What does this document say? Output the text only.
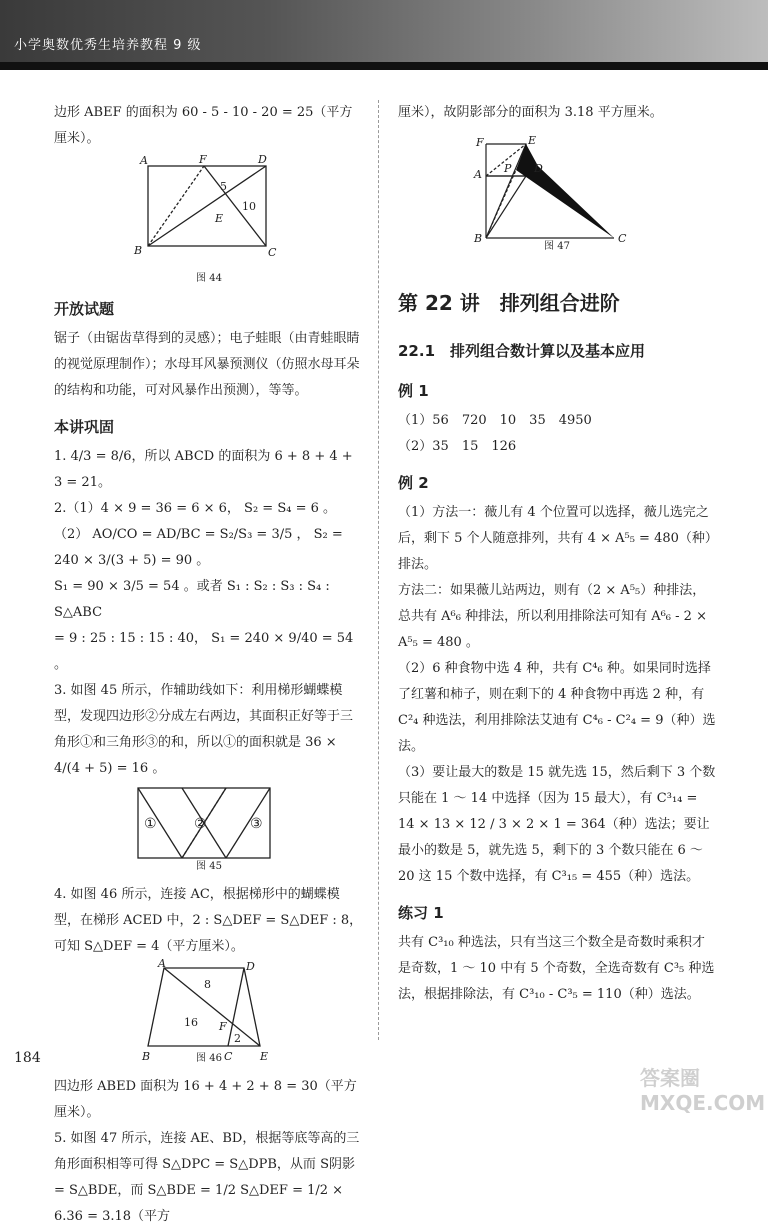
小学奥数优秀生培养教程 9 级

边形 ABEF 的面积为 60 - 5 - 10 - 20 = 25（平方厘米）。

A	F	D
B	C
E
5
10

图 44

开放试题

锯子（由锯齿草得到的灵感）；电子蛙眼（由青蛙眼睛的视觉原理制作）；水母耳风暴预测仪（仿照水母耳朵的结构和功能，可对风暴作出预测），等等。

本讲巩固

1. 4/3 = 8/6，所以 ABCD 的面积为 6 + 8 + 4 + 3 = 21。

2.（1）4 × 9 = 36 = 6 × 6， S₂ = S₄ = 6 。

（2） AO/CO = AD/BC = S₂/S₃ = 3/5 ， S₂ = 240 × 3/(3 + 5) = 90 。

S₁ = 90 × 3/5 = 54 。或者 S₁ : S₂ : S₃ : S₄ : S△ABC

= 9 : 25 : 15 : 15 : 40， S₁ = 240 × 9/40 = 54 。

3. 如图 45 所示，作辅助线如下：利用梯形蝴蝶模型，发现四边形②分成左右两边，其面积正好等于三角形①和三角形③的和，所以①的面积就是 36 × 4/(4 + 5) = 16 。

①	②	③

图 45

4. 如图 46 所示，连接 AC，根据梯形中的蝴蝶模型，在梯形 ACED 中，2 : S△DEF = S△DEF : 8，可知 S△DEF = 4（平方厘米）。

A	D
B	C	E
F
8
16
2

图 46

四边形 ABED 面积为 16 + 4 + 2 + 8 = 30（平方厘米）。

5. 如图 47 所示，连接 AE、BD，根据等底等高的三角形面积相等可得 S△DPC = S△DPB，从而 S阴影 = S△BDE，而 S△BDE = 1/2 S△DEF = 1/2 × 6.36 = 3.18（平方

厘米），故阴影部分的面积为 3.18 平方厘米。

F	E
A P D
B	C

图 47

第 22 讲　排列组合进阶

22.1　排列组合数计算以及基本应用

例 1

（1）56　720　10　35　4950

（2）35　15　126

例 2

（1）方法一：薇儿有 4 个位置可以选择，薇儿选完之后，剩下 5 个人随意排列，共有 4 × A⁵₅ = 480（种）排法。

方法二：如果薇儿站两边，则有（2 × A⁵₅）种排法，总共有 A⁶₆ 种排法，所以利用排除法可知有 A⁶₆ - 2 × A⁵₅ = 480 。

（2）6 种食物中选 4 种，共有 C⁴₆ 种。如果同时选择了红薯和柿子，则在剩下的 4 种食物中再选 2 种，有 C²₄ 种选法，利用排除法艾迪有 C⁴₆ - C²₄ = 9（种）选法。

（3）要让最大的数是 15 就先选 15，然后剩下 3 个数只能在 1 ～ 14 中选择（因为 15 最大），有 C³₁₄ = 14 × 13 × 12 / 3 × 2 × 1 = 364（种）选法；要让最小的数是 5，就先选 5，剩下的 3 个数只能在 6 ～ 20 这 15 个数中选择，有 C³₁₅ = 455（种）选法。

练习 1

共有 C³₁₀ 种选法，只有当这三个数全是奇数时乘积才是奇数，1 ～ 10 中有 5 个奇数，全选奇数有 C³₅ 种选法，根据排除法，有 C³₁₀ - C³₅ = 110（种）选法。

184
答案圈 MXQE.COM
